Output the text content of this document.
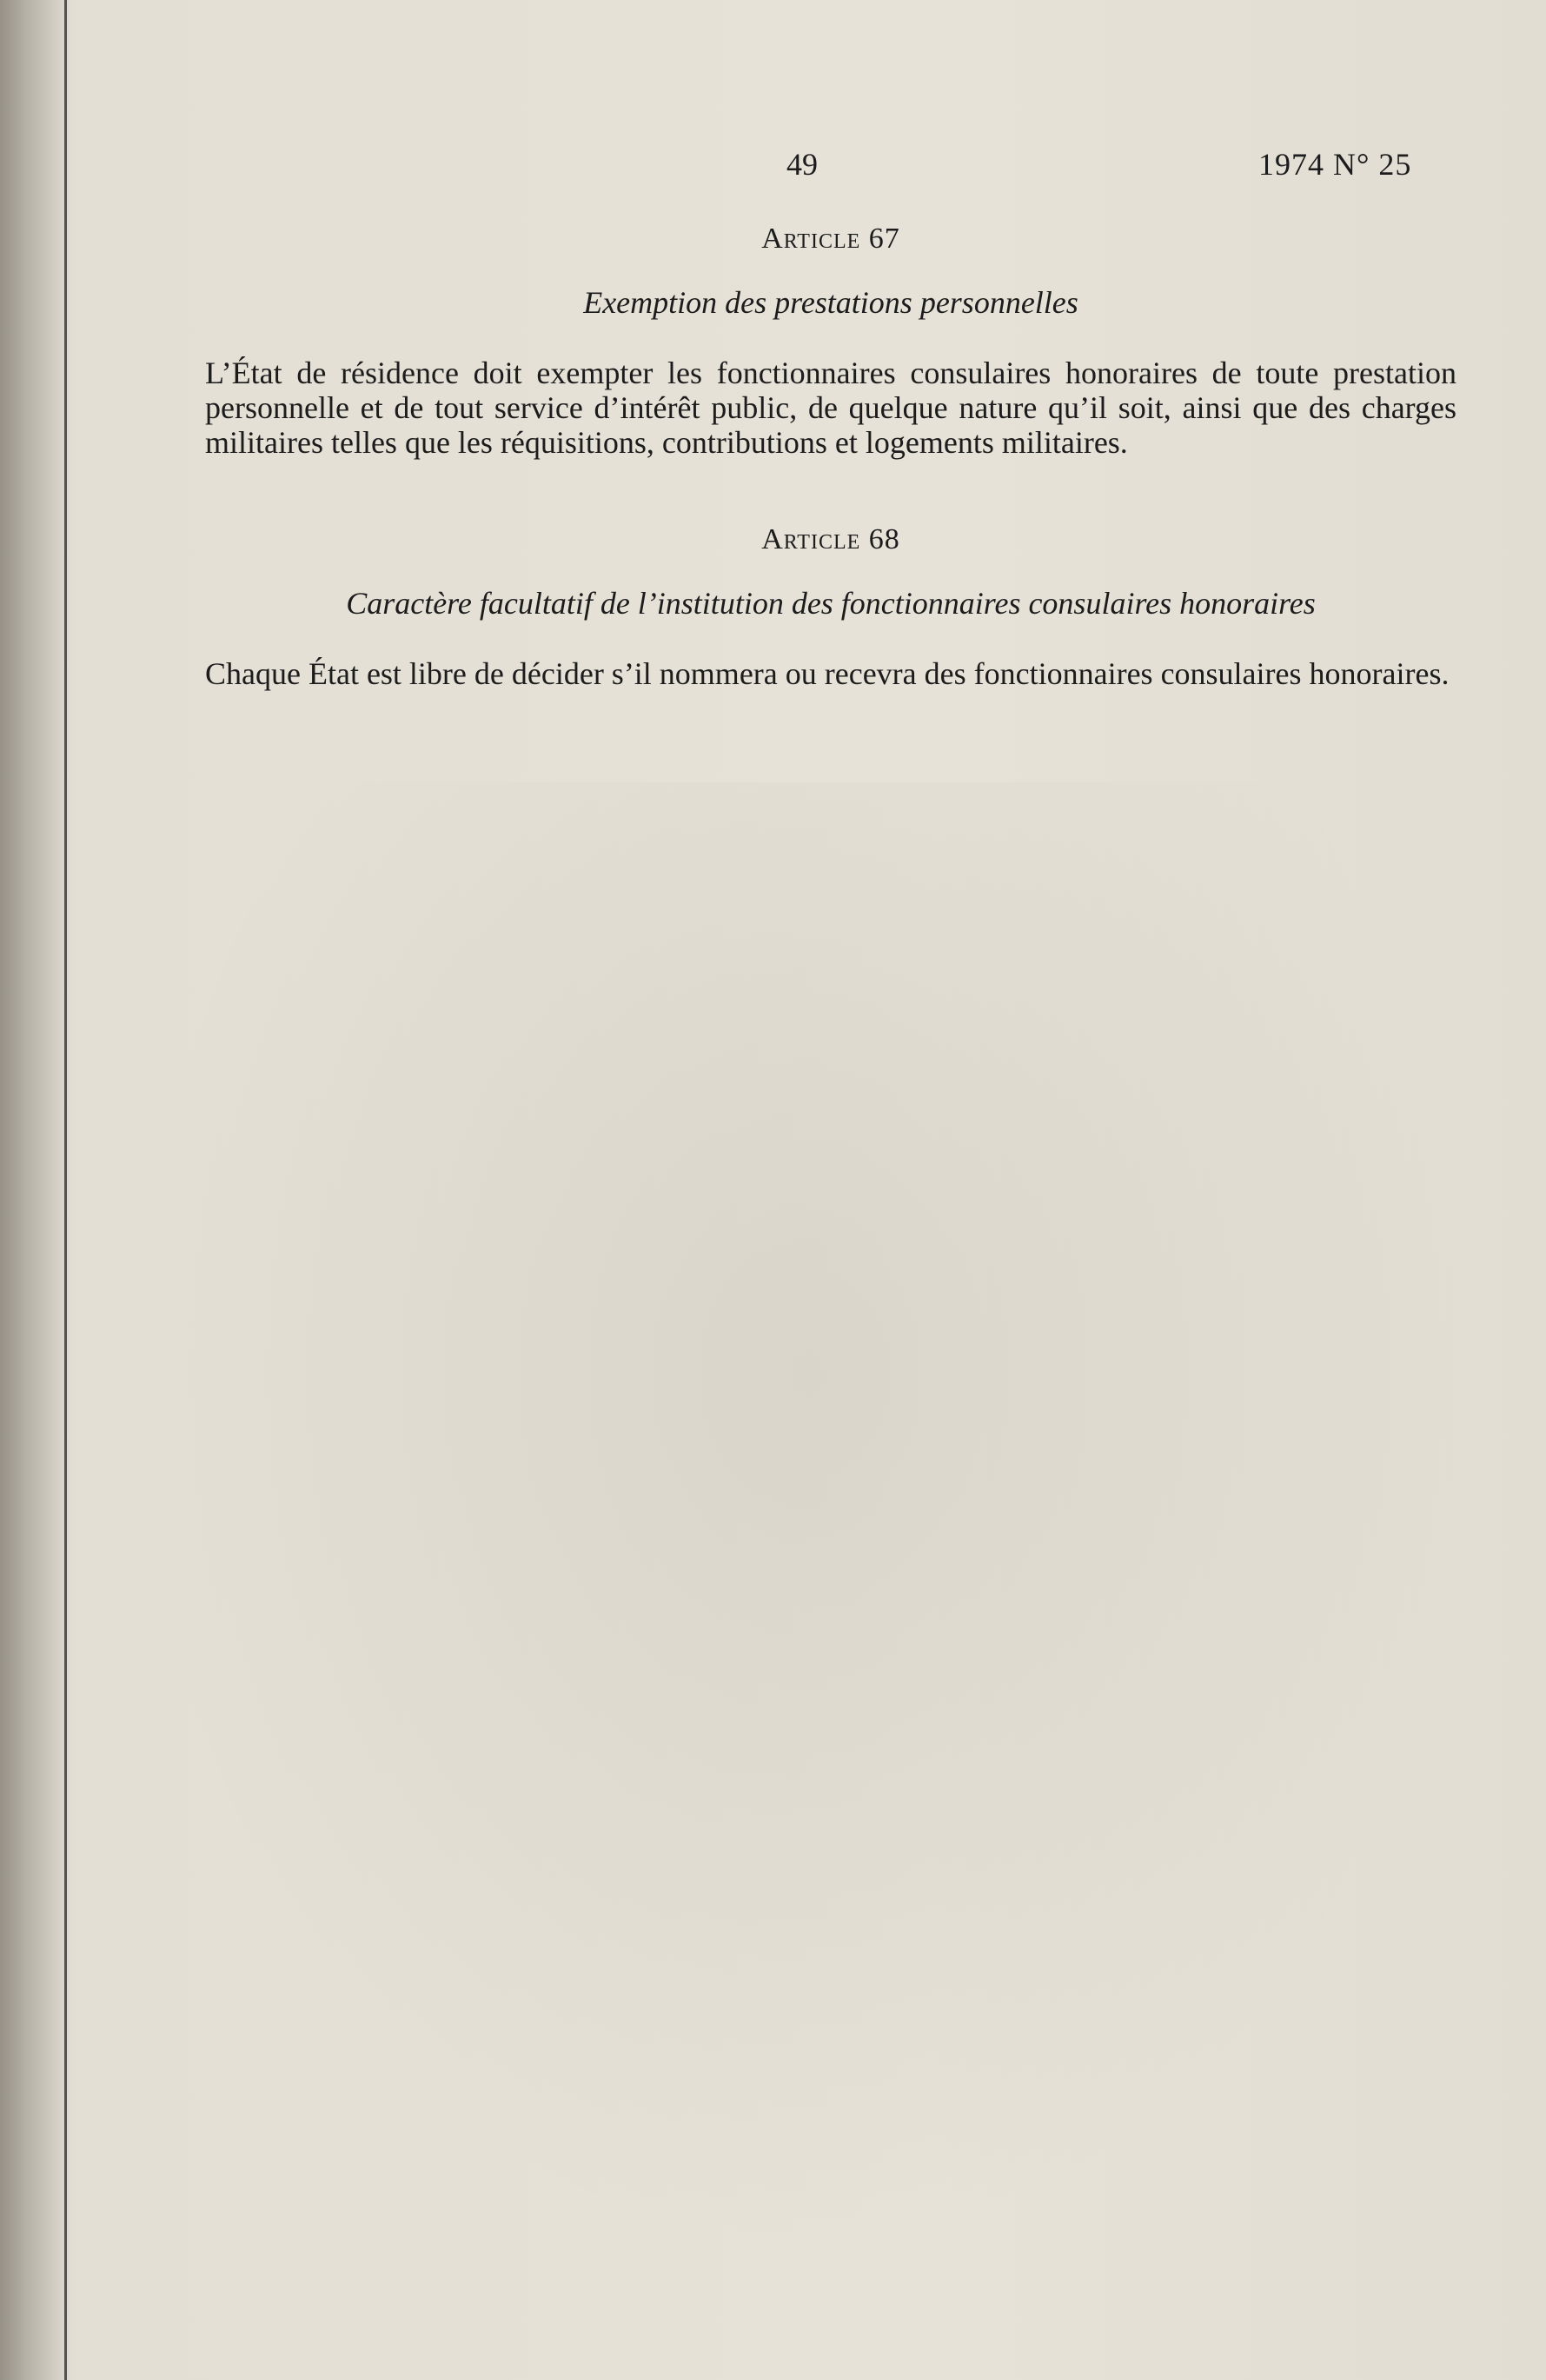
49	1974 N° 25

Article 67

Exemption des prestations personnelles

L’État de résidence doit exempter les fonctionnaires consulaires honoraires de toute prestation personnelle et de tout service d’intérêt public, de quelque nature qu’il soit, ainsi que des charges militaires telles que les réquisitions, contributions et logements militaires.

Article 68

Caractère facultatif de l’institution des fonctionnaires consulaires honoraires

Chaque État est libre de décider s’il nommera ou recevra des fonctionnaires consulaires honoraires.
